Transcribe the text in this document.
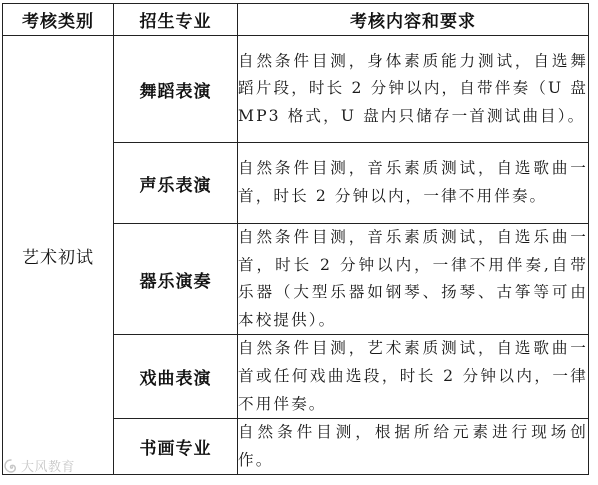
考核类别	招生专业	考核内容和要求
艺术初试	舞蹈表演	自然条件目测，身体素质能力测试，自选舞蹈片段，时长 2 分钟以内，自带伴奏（U 盘 MP3 格式，U 盘内只储存一首测试曲目）。
	声乐表演	自然条件目测，音乐素质测试，自选歌曲一首，时长 2 分钟以内，一律不用伴奏。
	器乐演奏	自然条件目测，音乐素质测试，自选乐曲一首，时长 2 分钟以内，一律不用伴奏,自带乐器（大型乐器如钢琴、扬琴、古筝等可由本校提供）。
	戏曲表演	自然条件目测，艺术素质测试，自选歌曲一首或任何戏曲选段，时长 2 分钟以内，一律不用伴奏。
	书画专业	自然条件目测，根据所给元素进行现场创作。
大风教育
